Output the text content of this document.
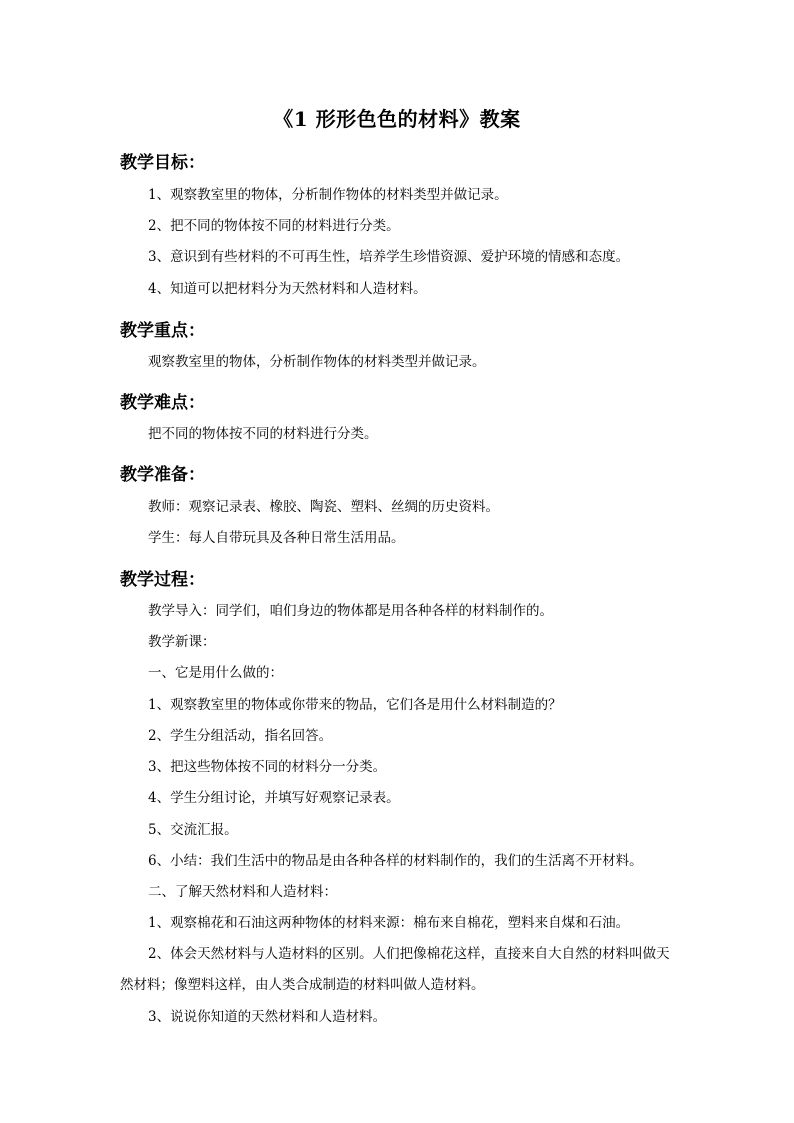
《1 形形色色的材料》教案
教学目标：
1、观察教室里的物体，分析制作物体的材料类型并做记录。
2、把不同的物体按不同的材料进行分类。
3、意识到有些材料的不可再生性，培养学生珍惜资源、爱护环境的情感和态度。
4、知道可以把材料分为天然材料和人造材料。
教学重点：
观察教室里的物体，分析制作物体的材料类型并做记录。
教学难点：
把不同的物体按不同的材料进行分类。
教学准备：
教师：观察记录表、橡胶、陶瓷、塑料、丝绸的历史资料。
学生：每人自带玩具及各种日常生活用品。
教学过程：
教学导入：同学们，咱们身边的物体都是用各种各样的材料制作的。
教学新课：
一、它是用什么做的：
1、观察教室里的物体或你带来的物品，它们各是用什么材料制造的？
2、学生分组活动，指名回答。
3、把这些物体按不同的材料分一分类。
4、学生分组讨论，并填写好观察记录表。
5、交流汇报。
6、小结：我们生活中的物品是由各种各样的材料制作的，我们的生活离不开材料。
二、了解天然材料和人造材料：
1、观察棉花和石油这两种物体的材料来源：棉布来自棉花，塑料来自煤和石油。
2、体会天然材料与人造材料的区别。人们把像棉花这样，直接来自大自然的材料叫做天然材料；像塑料这样，由人类合成制造的材料叫做人造材料。
3、说说你知道的天然材料和人造材料。
